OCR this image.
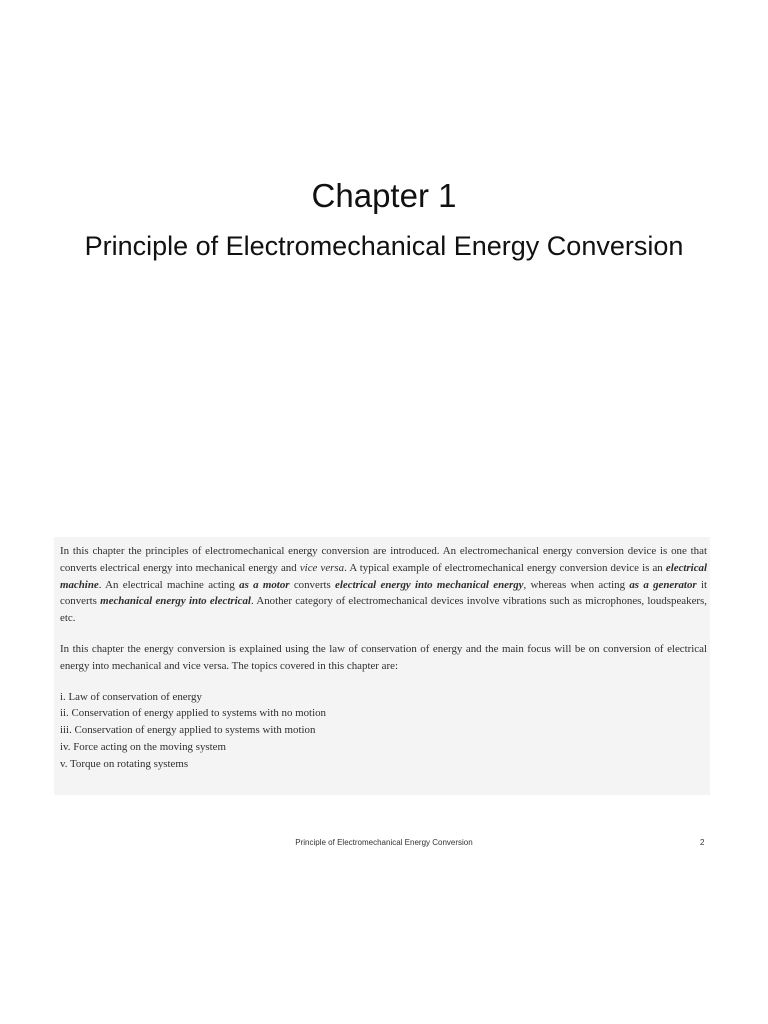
Chapter 1
Principle of Electromechanical Energy Conversion

In this chapter the principles of electromechanical energy conversion are introduced. An electromechanical energy conversion device is one that converts electrical energy into mechanical energy and vice versa. A typical example of electromechanical energy conversion device is an electrical machine. An electrical machine acting as a motor converts electrical energy into mechanical energy, whereas when acting as a generator it converts mechanical energy into electrical. Another category of electromechanical devices involve vibrations such as microphones, loudspeakers, etc.

In this chapter the energy conversion is explained using the law of conservation of energy and the main focus will be on conversion of electrical energy into mechanical and vice versa. The topics covered in this chapter are:

i. Law of conservation of energy
ii. Conservation of energy applied to systems with no motion
iii. Conservation of energy applied to systems with motion
iv. Force acting on the moving system
v. Torque on rotating systems
Principle of Electromechanical Energy Conversion	2
